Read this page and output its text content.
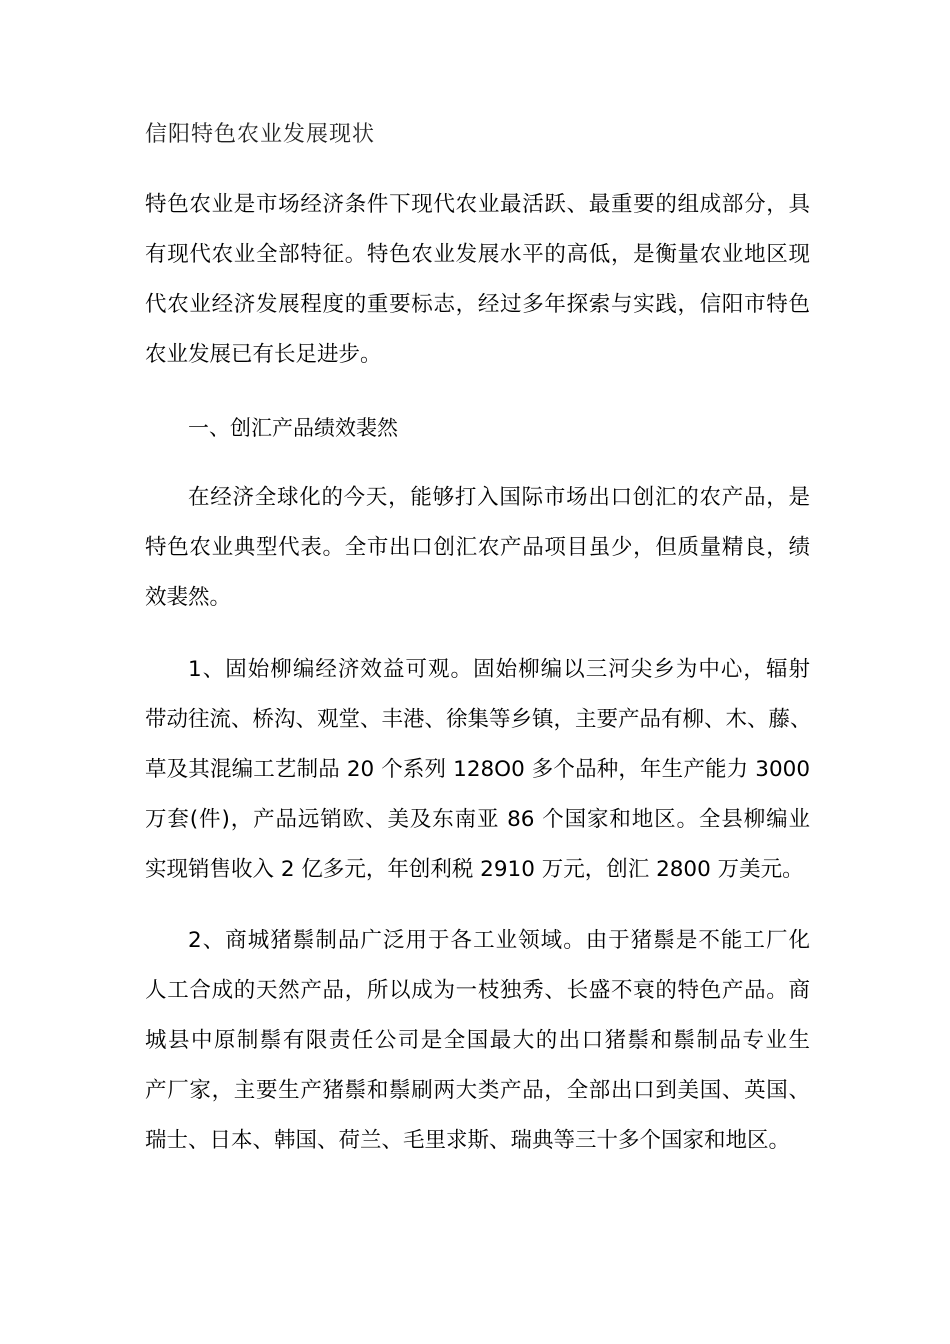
信阳特色农业发展现状
特色农业是市场经济条件下现代农业最活跃、最重要的组成部分，具
有现代农业全部特征。特色农业发展水平的高低，是衡量农业地区现
代农业经济发展程度的重要标志，经过多年探索与实践，信阳市特色
农业发展已有长足进步。
一、创汇产品绩效裴然
在经济全球化的今天，能够打入国际市场出口创汇的农产品，是
特色农业典型代表。全市出口创汇农产品项目虽少，但质量精良，绩
效裴然。
1、固始柳编经济效益可观。固始柳编以三河尖乡为中心，辐射
带动往流、桥沟、观堂、丰港、徐集等乡镇，主要产品有柳、木、藤、
草及其混编工艺制品 20 个系列 128O0 多个品种，年生产能力 3000
万套(件)，产品远销欧、美及东南亚 86 个国家和地区。全县柳编业
实现销售收入 2 亿多元，年创利税 2910 万元，创汇 2800 万美元。
2、商城猪鬃制品广泛用于各工业领域。由于猪鬃是不能工厂化
人工合成的天然产品，所以成为一枝独秀、长盛不衰的特色产品。商
城县中原制鬃有限责任公司是全国最大的出口猪鬃和鬃制品专业生
产厂家，主要生产猪鬃和鬃刷两大类产品，全部出口到美国、英国、
瑞士、日本、韩国、荷兰、毛里求斯、瑞典等三十多个国家和地区。
